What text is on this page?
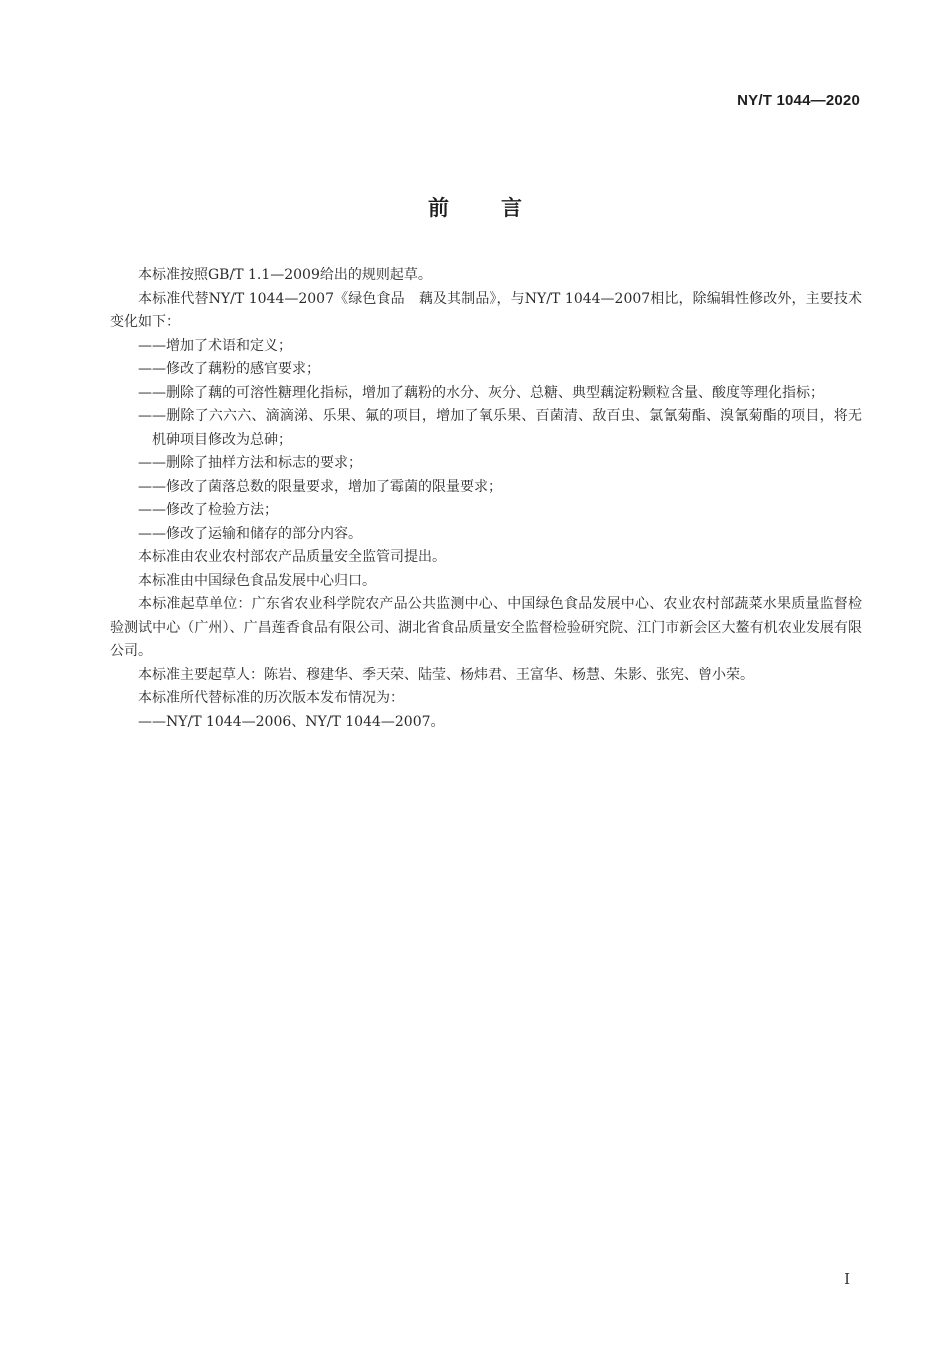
NY/T 1044—2020
前 言

本标准按照GB/T 1.1—2009给出的规则起草。

本标准代替NY/T 1044—2007《绿色食品　藕及其制品》，与NY/T 1044—2007相比，除编辑性修改外，主要技术变化如下：

——增加了术语和定义；

——修改了藕粉的感官要求；

——删除了藕的可溶性糖理化指标，增加了藕粉的水分、灰分、总糖、典型藕淀粉颗粒含量、酸度等理化指标；

——删除了六六六、滴滴涕、乐果、氟的项目，增加了氧乐果、百菌清、敌百虫、氯氰菊酯、溴氰菊酯的项目，将无机砷项目修改为总砷；

——删除了抽样方法和标志的要求；

——修改了菌落总数的限量要求，增加了霉菌的限量要求；

——修改了检验方法；

——修改了运输和储存的部分内容。

本标准由农业农村部农产品质量安全监管司提出。

本标准由中国绿色食品发展中心归口。

本标准起草单位：广东省农业科学院农产品公共监测中心、中国绿色食品发展中心、农业农村部蔬菜水果质量监督检验测试中心（广州）、广昌莲香食品有限公司、湖北省食品质量安全监督检验研究院、江门市新会区大鳌有机农业发展有限公司。

本标准主要起草人：陈岩、穆建华、季天荣、陆莹、杨炜君、王富华、杨慧、朱影、张宪、曾小荣。

本标准所代替标准的历次版本发布情况为：

——NY/T 1044—2006、NY/T 1044—2007。

I
